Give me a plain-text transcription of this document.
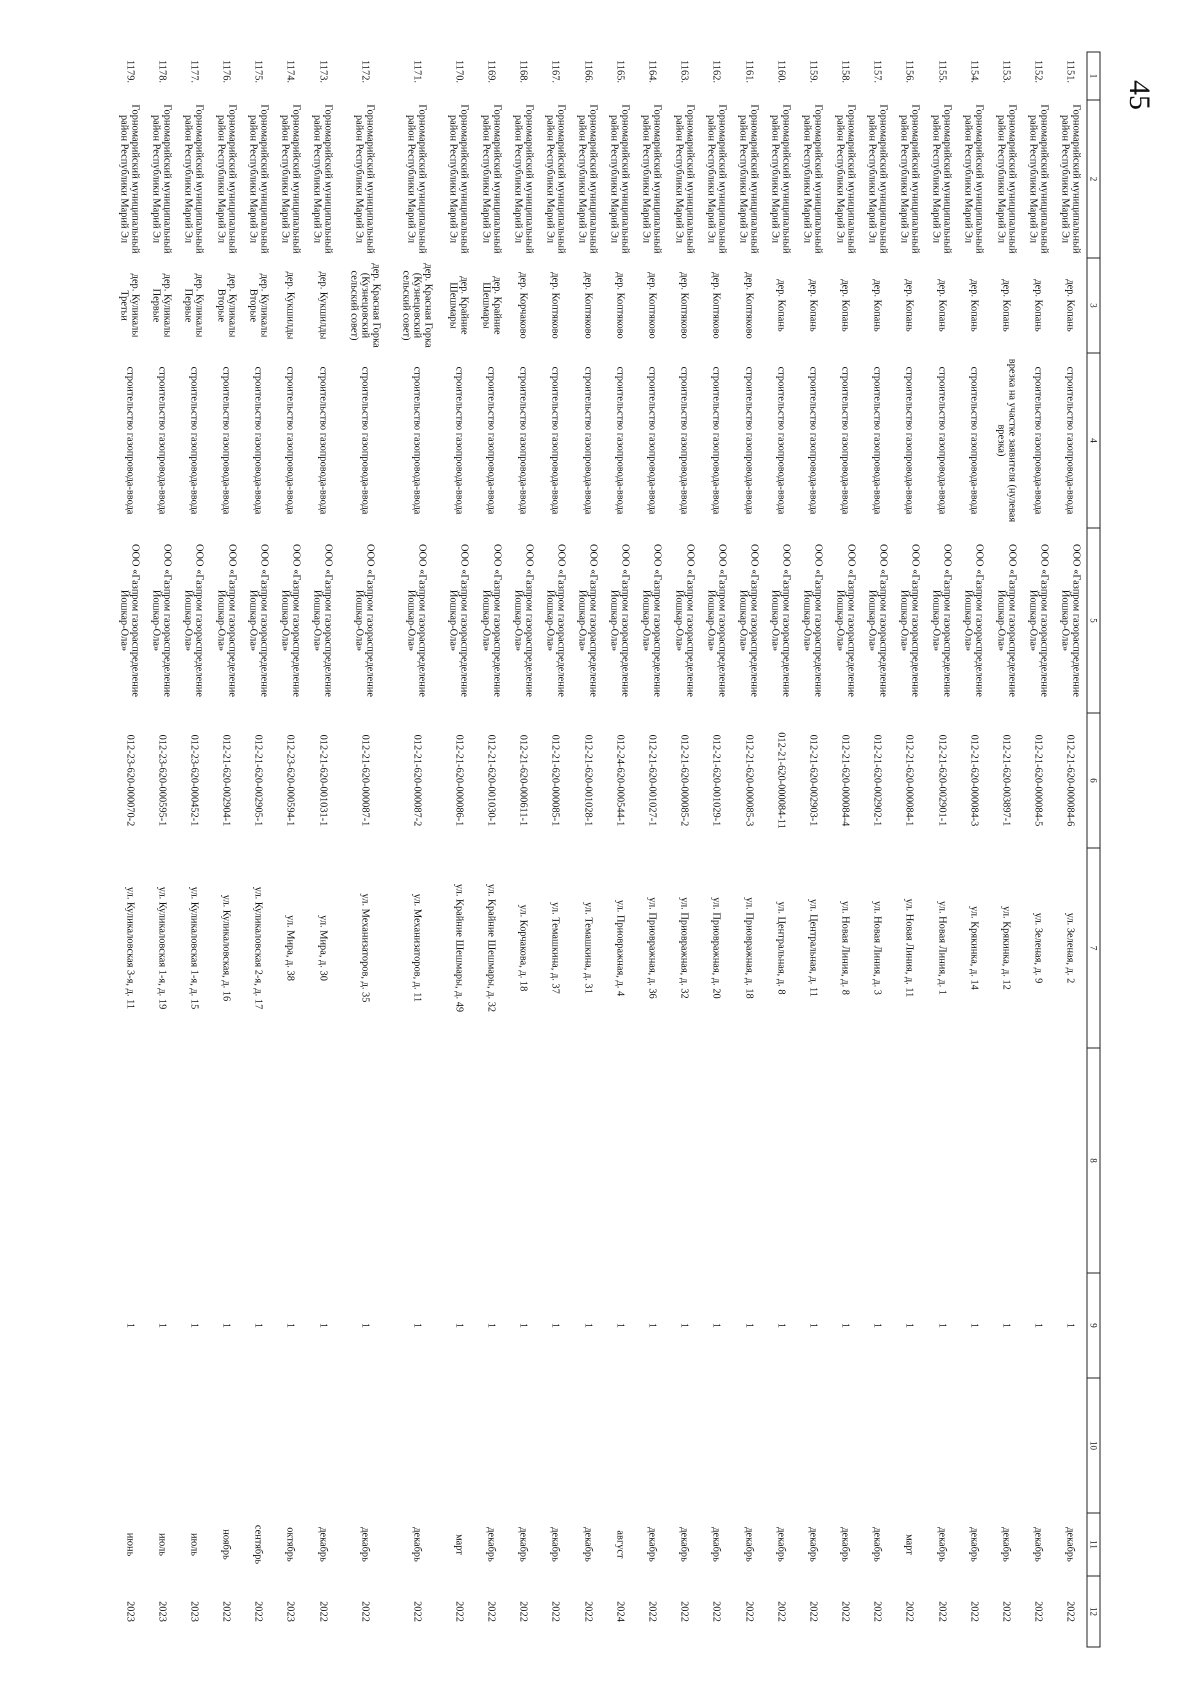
45
1	2	3	4	5	6	7	8	9	10	11	12
1151.	Горномарийский муниципальный район Республики Марий Эл	дер. Копань	строительство газопровода-ввода	ООО «Газпром газораспределение Йошкар-Ола»	012-21-620-000084-6	ул. Зеленая, д. 2		1		декабрь	2022
1152.	Горномарийский муниципальный район Республики Марий Эл	дер. Копань	строительство газопровода-ввода	ООО «Газпром газораспределение Йошкар-Ола»	012-21-620-000084-5	ул. Зеленая, д. 9		1		декабрь	2022
1153.	Горномарийский муниципальный район Республики Марий Эл	дер. Копань	врезка на участке заявителя (нулевая врезка)	ООО «Газпром газораспределение Йошкар-Ола»	012-21-620-003897-1	ул. Крякинка, д. 12		1		декабрь	2022
1154.	Горномарийский муниципальный район Республики Марий Эл	дер. Копань	строительство газопровода-ввода	ООО «Газпром газораспределение Йошкар-Ола»	012-21-620-000084-3	ул. Крякинка, д. 14		1		декабрь	2022
1155.	Горномарийский муниципальный район Республики Марий Эл	дер. Копань	строительство газопровода-ввода	ООО «Газпром газораспределение Йошкар-Ола»	012-21-620-002901-1	ул. Новая Линия, д. 1		1		декабрь	2022
1156.	Горномарийский муниципальный район Республики Марий Эл	дер. Копань	строительство газопровода-ввода	ООО «Газпром газораспределение Йошкар-Ола»	012-21-620-000084-1	ул. Новая Линия, д. 11		1		март	2022
1157.	Горномарийский муниципальный район Республики Марий Эл	дер. Копань	строительство газопровода-ввода	ООО «Газпром газораспределение Йошкар-Ола»	012-21-620-002902-1	ул. Новая Линия, д. 3		1		декабрь	2022
1158.	Горномарийский муниципальный район Республики Марий Эл	дер. Копань	строительство газопровода-ввода	ООО «Газпром газораспределение Йошкар-Ола»	012-21-620-000084-4	ул. Новая Линия, д. 8		1		декабрь	2022
1159.	Горномарийский муниципальный район Республики Марий Эл	дер. Копань	строительство газопровода-ввода	ООО «Газпром газораспределение Йошкар-Ола»	012-21-620-002903-1	ул. Центральная, д. 11		1		декабрь	2022
1160.	Горномарийский муниципальный район Республики Марий Эл	дер. Копань	строительство газопровода-ввода	ООО «Газпром газораспределение Йошкар-Ола»	012-21-620-000084-11	ул. Центральная, д. 8		1		декабрь	2022
1161.	Горномарийский муниципальный район Республики Марий Эл	дер. Коптяково	строительство газопровода-ввода	ООО «Газпром газораспределение Йошкар-Ола»	012-21-620-000085-3	ул. Приовражная, д. 18		1		декабрь	2022
1162.	Горномарийский муниципальный район Республики Марий Эл	дер. Коптяково	строительство газопровода-ввода	ООО «Газпром газораспределение Йошкар-Ола»	012-21-620-001029-1	ул. Приовражная, д. 20		1		декабрь	2022
1163.	Горномарийский муниципальный район Республики Марий Эл	дер. Коптяково	строительство газопровода-ввода	ООО «Газпром газораспределение Йошкар-Ола»	012-21-620-000085-2	ул. Приовражная, д. 32		1		декабрь	2022
1164.	Горномарийский муниципальный район Республики Марий Эл	дер. Коптяково	строительство газопровода-ввода	ООО «Газпром газораспределение Йошкар-Ола»	012-21-620-001027-1	ул. Приовражная, д. 36		1		декабрь	2022
1165.	Горномарийский муниципальный район Республики Марий Эл	дер. Коптяково	строительство газопровода-ввода	ООО «Газпром газораспределение Йошкар-Ола»	012-24-620-000544-1	ул. Приовражная, д. 4		1		август	2024
1166.	Горномарийский муниципальный район Республики Марий Эл	дер. Коптяково	строительство газопровода-ввода	ООО «Газпром газораспределение Йошкар-Ола»	012-21-620-001028-1	ул. Темашкина, д. 31		1		декабрь	2022
1167.	Горномарийский муниципальный район Республики Марий Эл	дер. Коптяково	строительство газопровода-ввода	ООО «Газпром газораспределение Йошкар-Ола»	012-21-620-000085-1	ул. Темашкина, д. 37		1		декабрь	2022
1168.	Горномарийский муниципальный район Республики Марий Эл	дер. Корчаково	строительство газопровода-ввода	ООО «Газпром газораспределение Йошкар-Ола»	012-21-620-000611-1	ул. Корчакова, д. 18		1		декабрь	2022
1169.	Горномарийский муниципальный район Республики Марий Эл	дер. Крайние Шешмары	строительство газопровода-ввода	ООО «Газпром газораспределение Йошкар-Ола»	012-21-620-001030-1	ул. Крайние Шешмары, д. 32		1		декабрь	2022
1170.	Горномарийский муниципальный район Республики Марий Эл	дер. Крайние Шешмары	строительство газопровода-ввода	ООО «Газпром газораспределение Йошкар-Ола»	012-21-620-000086-1	ул. Крайние Шешмары, д. 49		1		март	2022
1171.	Горномарийский муниципальный район Республики Марий Эл	дер. Красная Горка (Кузнецовский сельский совет)	строительство газопровода-ввода	ООО «Газпром газораспределение Йошкар-Ола»	012-21-620-000087-2	ул. Механизаторов, д. 11		1		декабрь	2022
1172.	Горномарийский муниципальный район Республики Марий Эл	дер. Красная Горка (Кузнецовский сельский совет)	строительство газопровода-ввода	ООО «Газпром газораспределение Йошкар-Ола»	012-21-620-000087-1	ул. Механизаторов, д. 35		1		декабрь	2022
1173.	Горномарийский муниципальный район Республики Марий Эл	дер. Кукшилды	строительство газопровода-ввода	ООО «Газпром газораспределение Йошкар-Ола»	012-21-620-001031-1	ул. Мира, д. 30		1		декабрь	2022
1174.	Горномарийский муниципальный район Республики Марий Эл	дер. Кукшилды	строительство газопровода-ввода	ООО «Газпром газораспределение Йошкар-Ола»	012-23-620-000594-1	ул. Мира, д. 38		1		октябрь	2023
1175.	Горномарийский муниципальный район Республики Марий Эл	дер. Куликалы Вторые	строительство газопровода-ввода	ООО «Газпром газораспределение Йошкар-Ола»	012-21-620-002905-1	ул. Куликаловская 2-я, д. 17		1		сентябрь	2022
1176.	Горномарийский муниципальный район Республики Марий Эл	дер. Куликалы Вторые	строительство газопровода-ввода	ООО «Газпром газораспределение Йошкар-Ола»	012-21-620-002904-1	ул. Куликаловская, д. 16		1		ноябрь	2022
1177.	Горномарийский муниципальный район Республики Марий Эл	дер. Куликалы Первые	строительство газопровода-ввода	ООО «Газпром газораспределение Йошкар-Ола»	012-23-620-000452-1	ул. Куликаловская 1-я, д. 15		1		июль	2023
1178.	Горномарийский муниципальный район Республики Марий Эл	дер. Куликалы Первые	строительство газопровода-ввода	ООО «Газпром газораспределение Йошкар-Ола»	012-23-620-000595-1	ул. Куликаловская 1-я, д. 19		1		июль	2023
1179.	Горномарийский муниципальный район Республики Марий Эл	дер. Куликалы Третьи	строительство газопровода-ввода	ООО «Газпром газораспределение Йошкар-Ола»	012-23-620-000070-2	ул. Куликаловская 3-я, д. 11		1		июнь	2023
